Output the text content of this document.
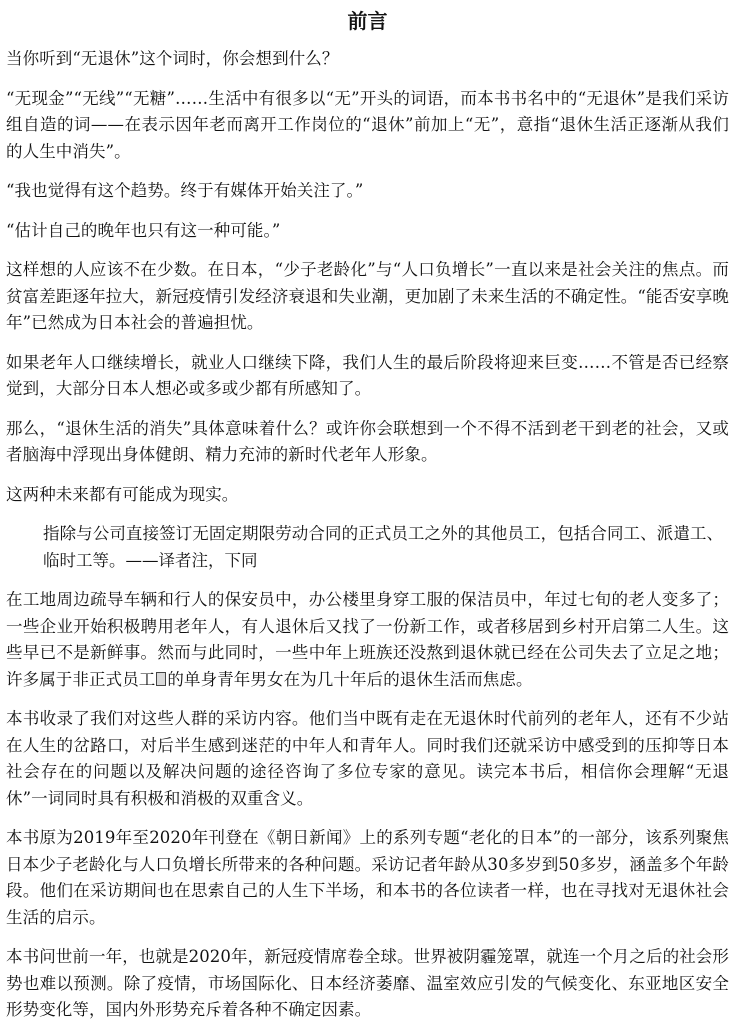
前言

当你听到“无退休”这个词时，你会想到什么？

“无现金”“无线”“无糖”……生活中有很多以“无”开头的词语，而本书书名中的“无退休”是我们采访组自造的词——在表示因年老而离开工作岗位的“退休”前加上“无”，意指“退休生活正逐渐从我们的人生中消失”。

“我也觉得有这个趋势。终于有媒体开始关注了。”

“估计自己的晚年也只有这一种可能。”

这样想的人应该不在少数。在日本，“少子老龄化”与“人口负增长”一直以来是社会关注的焦点。而贫富差距逐年拉大，新冠疫情引发经济衰退和失业潮，更加剧了未来生活的不确定性。“能否安享晚年”已然成为日本社会的普遍担忧。

如果老年人口继续增长，就业人口继续下降，我们人生的最后阶段将迎来巨变……不管是否已经察觉到，大部分日本人想必或多或少都有所感知了。

那么，“退休生活的消失”具体意味着什么？或许你会联想到一个不得不活到老干到老的社会，又或者脑海中浮现出身体健朗、精力充沛的新时代老年人形象。

这两种未来都有可能成为现实。

指除与公司直接签订无固定期限劳动合同的正式员工之外的其他员工，包括合同工、派遣工、临时工等。——译者注，下同

在工地周边疏导车辆和行人的保安员中，办公楼里身穿工服的保洁员中，年过七旬的老人变多了；一些企业开始积极聘用老年人，有人退休后又找了一份新工作，或者移居到乡村开启第二人生。这些早已不是新鲜事。然而与此同时，一些中年上班族还没熬到退休就已经在公司失去了立足之地；许多属于非正式员工 的单身青年男女在为几十年后的退休生活而焦虑。

本书收录了我们对这些人群的采访内容。他们当中既有走在无退休时代前列的老年人，还有不少站在人生的岔路口，对后半生感到迷茫的中年人和青年人。同时我们还就采访中感受到的压抑等日本社会存在的问题以及解决问题的途径咨询了多位专家的意见。读完本书后，相信你会理解“无退休”一词同时具有积极和消极的双重含义。

本书原为2019年至2020年刊登在《朝日新闻》上的系列专题“老化的日本”的一部分，该系列聚焦日本少子老龄化与人口负增长所带来的各种问题。采访记者年龄从30多岁到50多岁，涵盖多个年龄段。他们在采访期间也在思索自己的人生下半场，和本书的各位读者一样，也在寻找对无退休社会生活的启示。

本书问世前一年，也就是2020年，新冠疫情席卷全球。世界被阴霾笼罩，就连一个月之后的社会形势也难以预测。除了疫情，市场国际化、日本经济萎靡、温室效应引发的气候变化、东亚地区安全形势变化等，国内外形势充斥着各种不确定因素。
